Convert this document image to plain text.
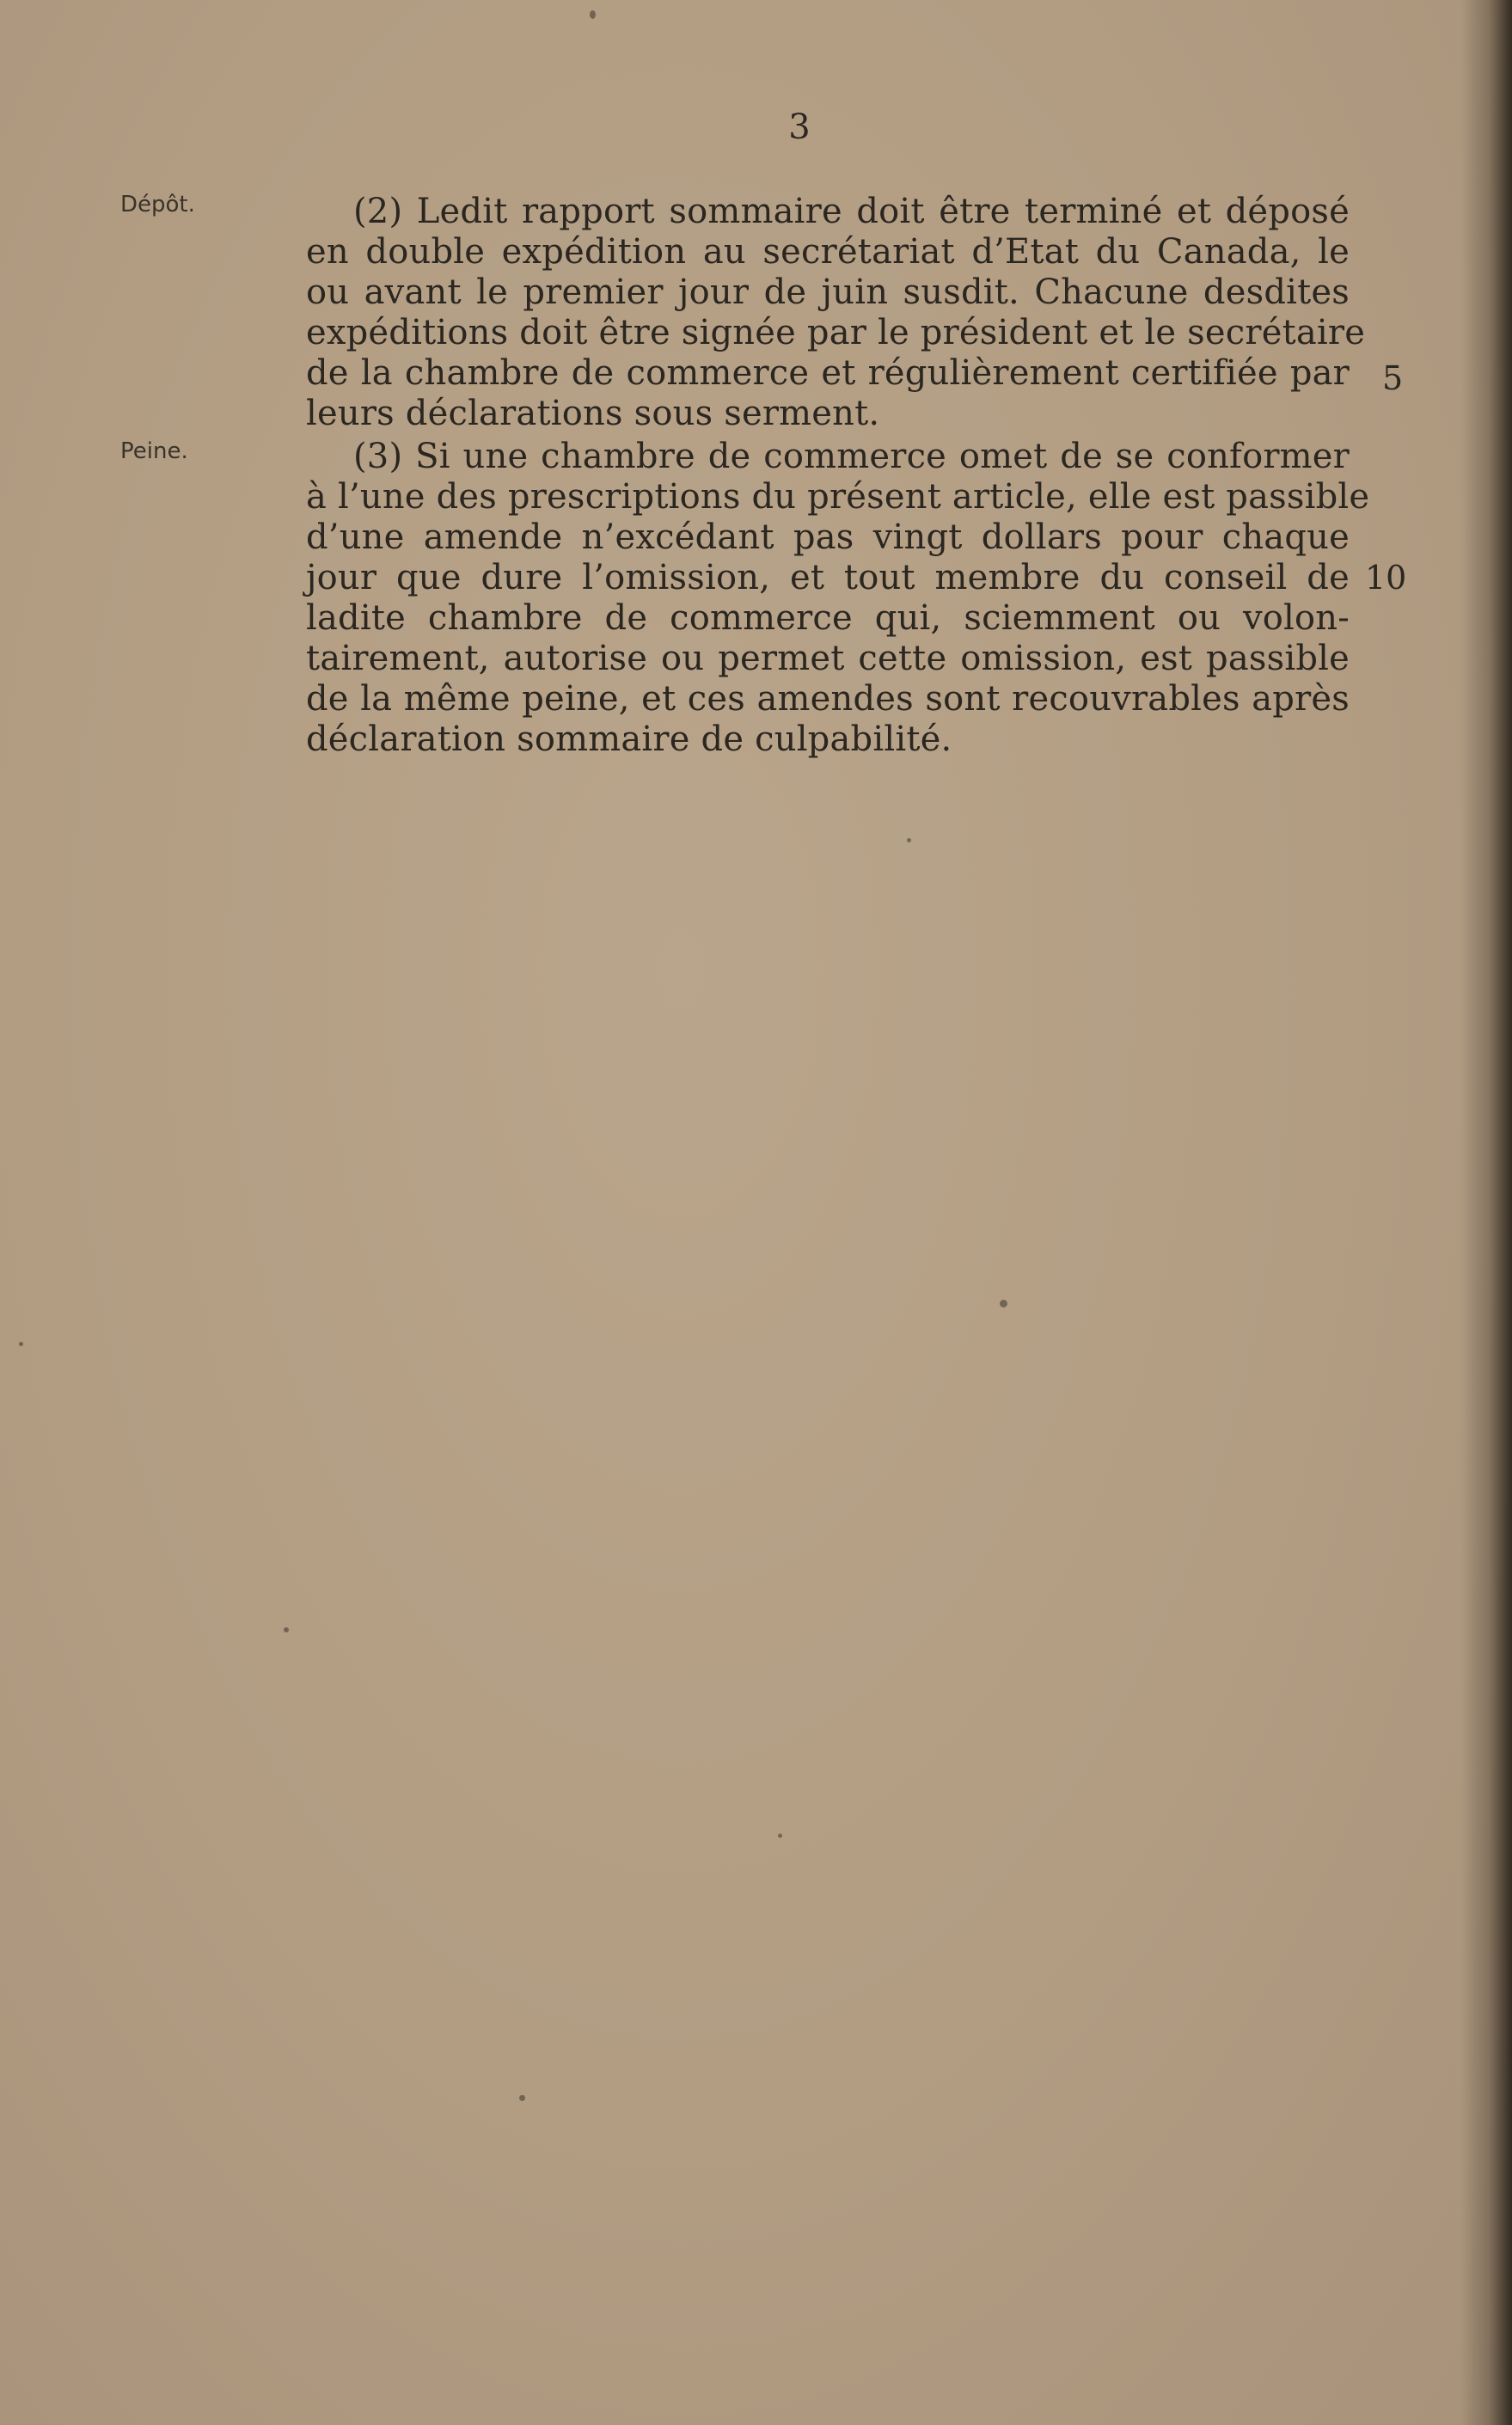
3
Dépôt.	(2) Ledit rapport sommaire doit être terminé et déposé
en double expédition au secrétariat d’Etat du Canada, le
ou avant le premier jour de juin susdit. Chacune desdites
expéditions doit être signée par le président et le secrétaire
de la chambre de commerce et régulièrement certifiée par
leurs déclarations sous serment.
Peine.	(3) Si une chambre de commerce omet de se conformer
à l’une des prescriptions du présent article, elle est passible
d’une amende n’excédant pas vingt dollars pour chaque
jour que dure l’omission, et tout membre du conseil de
ladite chambre de commerce qui, sciemment ou volon-
tairement, autorise ou permet cette omission, est passible
de la même peine, et ces amendes sont recouvrables après
déclaration sommaire de culpabilité.
5
10
